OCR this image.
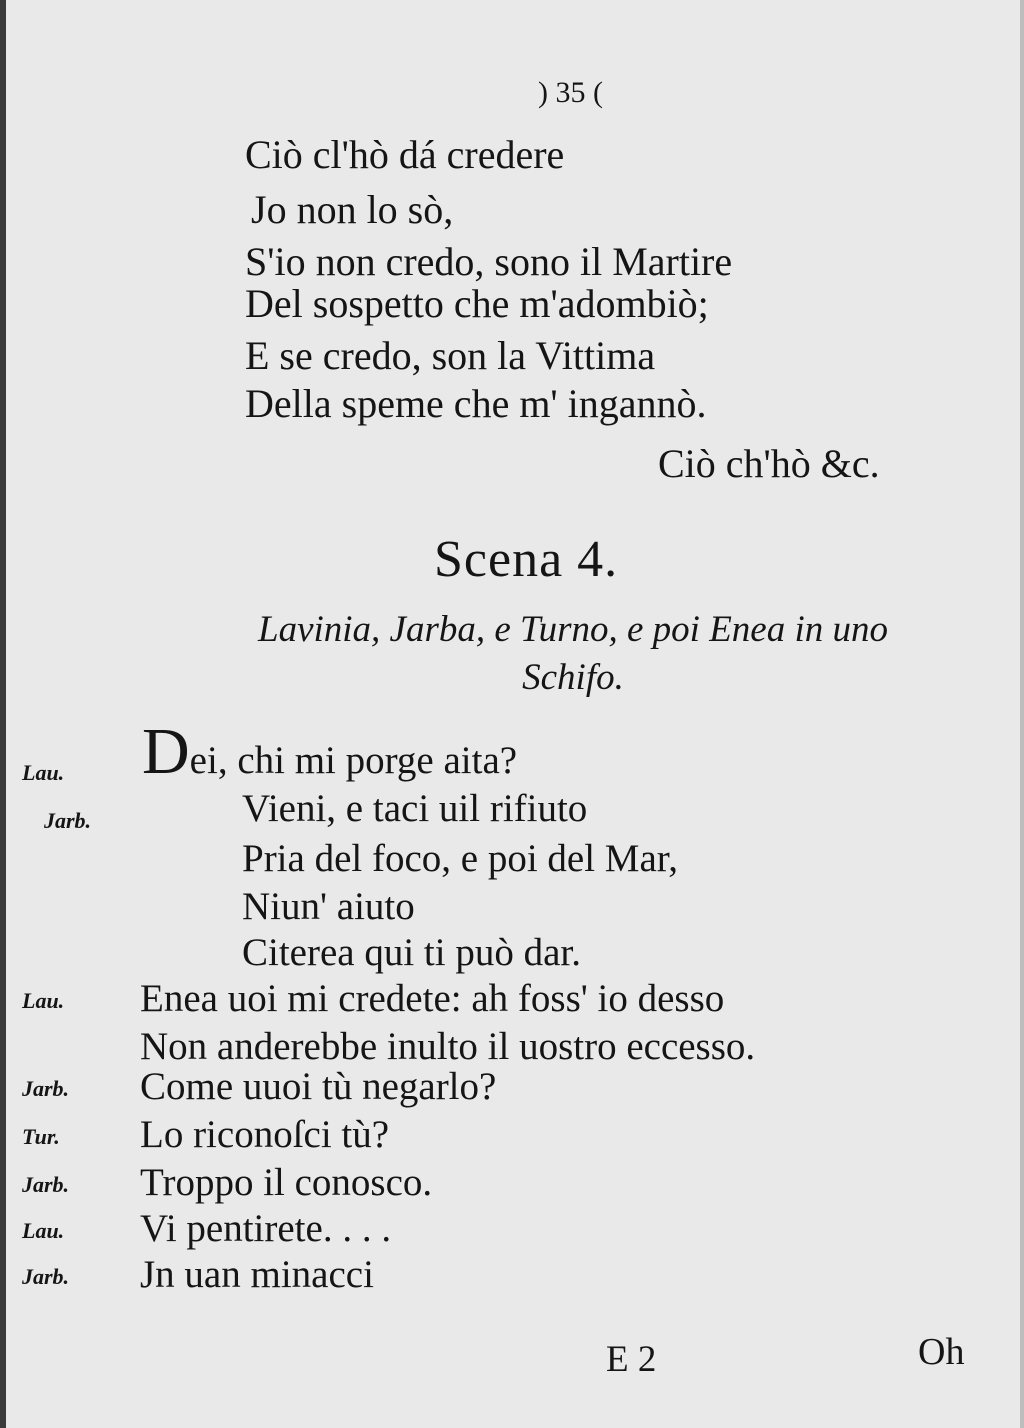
) 35 (
Ciò cl'hò dá credere
Jo non lo sò,
S'io non credo, sono il Martire
Del sospetto che m'adombiò;
E se credo, son la Vittima
Della speme che m' ingannò.
Ciò ch'hò &c.
Scena 4.
Lavinia, Jarba, e Turno, e poi Enea in uno Schifo.
Lau. Dei, chi mi porge aita?
Jarb.	Vieni, e taci uil rifiuto
Pria del foco, e poi del Mar,
Niun' aiuto
Citerea qui ti può dar.
Lau. Enea uoi mi credete: ah foss' io desso
Non anderebbe inulto il uostro eccesso.
Jarb. Come uuoi tù negarlo?
Tur. Lo riconoſci tù?
Jarb. Troppo il conosco.
Lau. Vi pentirete. . . .
Jarb. Jn uan minacci
E 2	Oh
